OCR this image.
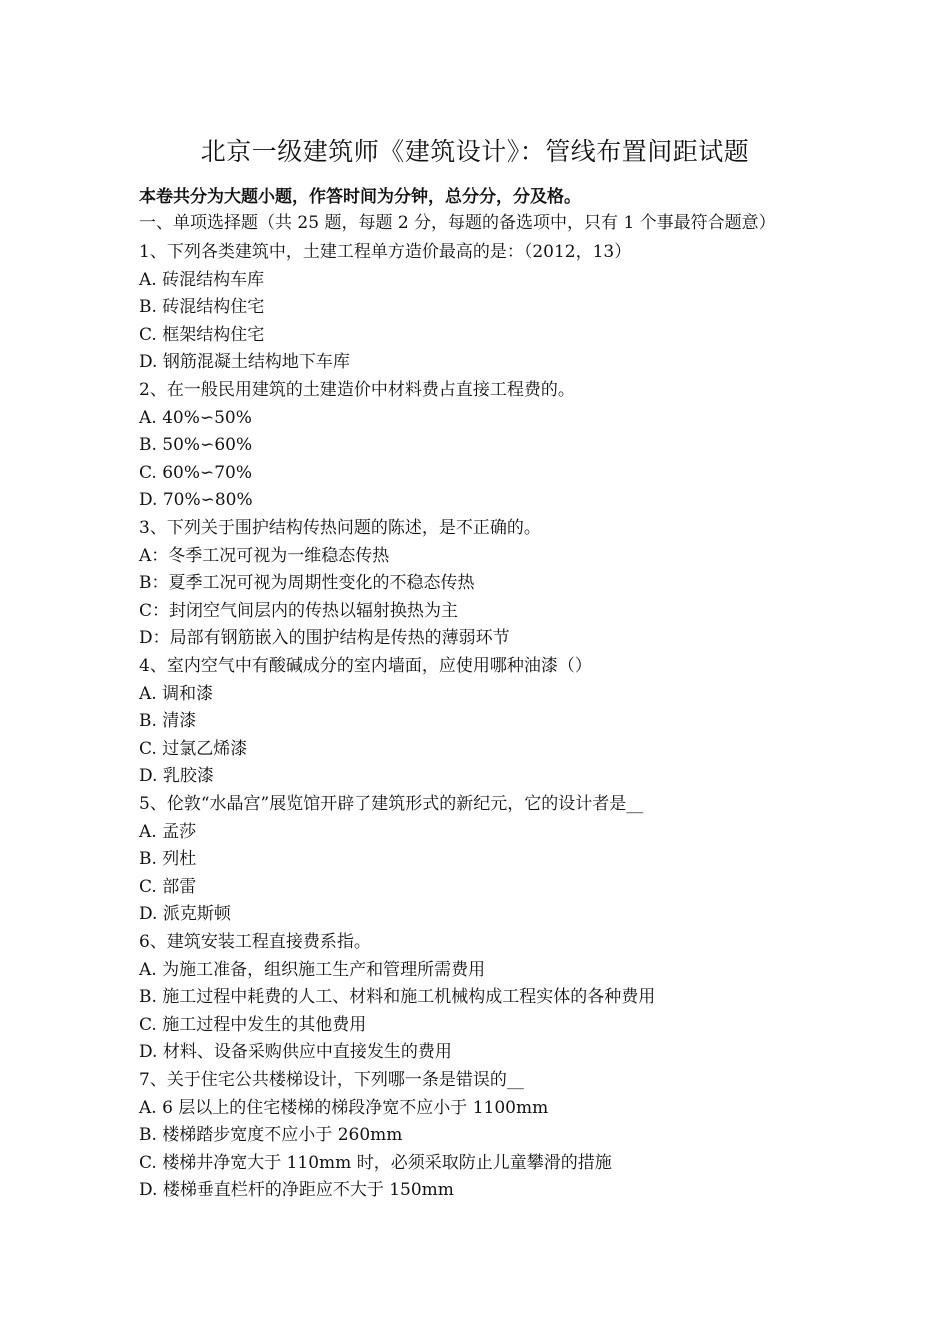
北京一级建筑师《建筑设计》：管线布置间距试题
本卷共分为大题小题，作答时间为分钟，总分分，分及格。
一、单项选择题（共 25 题，每题 2 分，每题的备选项中，只有 1 个事最符合题意）
1、下列各类建筑中，土建工程单方造价最高的是：（2012，13）
A. 砖混结构车库
B. 砖混结构住宅
C. 框架结构住宅
D. 钢筋混凝土结构地下车库
2、在一般民用建筑的土建造价中材料费占直接工程费的。
A. 40%∽50%
B. 50%∽60%
C. 60%∽70%
D. 70%∽80%
3、下列关于围护结构传热问题的陈述，是不正确的。
A：冬季工况可视为一维稳态传热
B：夏季工况可视为周期性变化的不稳态传热
C：封闭空气间层内的传热以辐射换热为主
D：局部有钢筋嵌入的围护结构是传热的薄弱环节
4、室内空气中有酸碱成分的室内墙面，应使用哪种油漆（）
A. 调和漆
B. 清漆
C. 过氯乙烯漆
D. 乳胶漆
5、伦敦“水晶宫”展览馆开辟了建筑形式的新纪元，它的设计者是__
A. 孟莎
B. 列杜
C. 部雷
D. 派克斯顿
6、建筑安装工程直接费系指。
A. 为施工准备，组织施工生产和管理所需费用
B. 施工过程中耗费的人工、材料和施工机械构成工程实体的各种费用
C. 施工过程中发生的其他费用
D. 材料、设备采购供应中直接发生的费用
7、关于住宅公共楼梯设计，下列哪一条是错误的__
A. 6 层以上的住宅楼梯的梯段净宽不应小于 1100mm
B. 楼梯踏步宽度不应小于 260mm
C. 楼梯井净宽大于 110mm 时，必须采取防止儿童攀滑的措施
D. 楼梯垂直栏杆的净距应不大于 150mm
